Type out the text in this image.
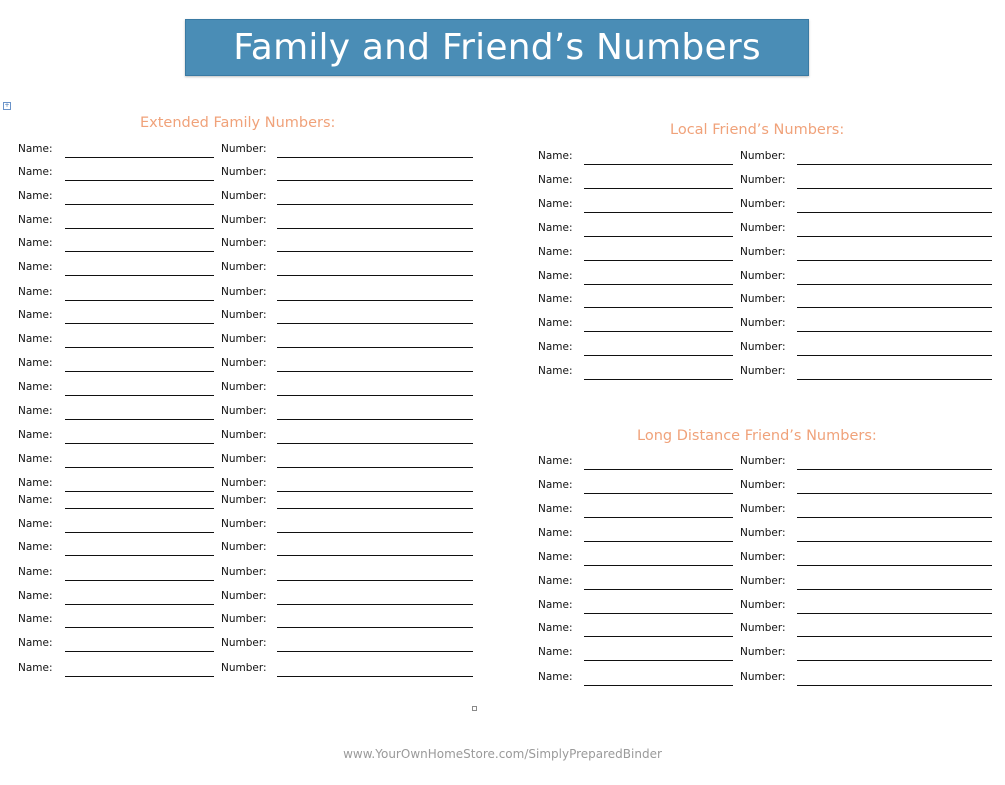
Family and Friend’s Numbers
+
Extended Family Numbers:	Local Friend’s Numbers:
Long Distance Friend’s Numbers:
Name:	Number:
Name:	Number:
Name:	Number:
Name:	Number:
Name:	Number:
Name:	Number:
Name:	Number:
Name:	Number:
Name:	Number:
Name:	Number:
Name:	Number:
Name:	Number:
Name:	Number:
Name:	Number:
Name:	Number:
Name:	Number:
Name:	Number:
Name:	Number:
Name:	Number:
Name:	Number:
Name:	Number:
Name:	Number:
Name:	Number:
Name:	Number:
Name:	Number:
Name:	Number:
Name:	Number:
Name:	Number:
Name:	Number:
Name:	Number:
Name:	Number:
Name:	Number:
Name:	Number:
Name:	Number:
Name:	Number:
Name:	Number:
Name:	Number:
Name:	Number:
Name:	Number:
Name:	Number:
Name:	Number:
Name:	Number:
Name:	Number:
www.YourOwnHomeStore.com/SimplyPreparedBinder
